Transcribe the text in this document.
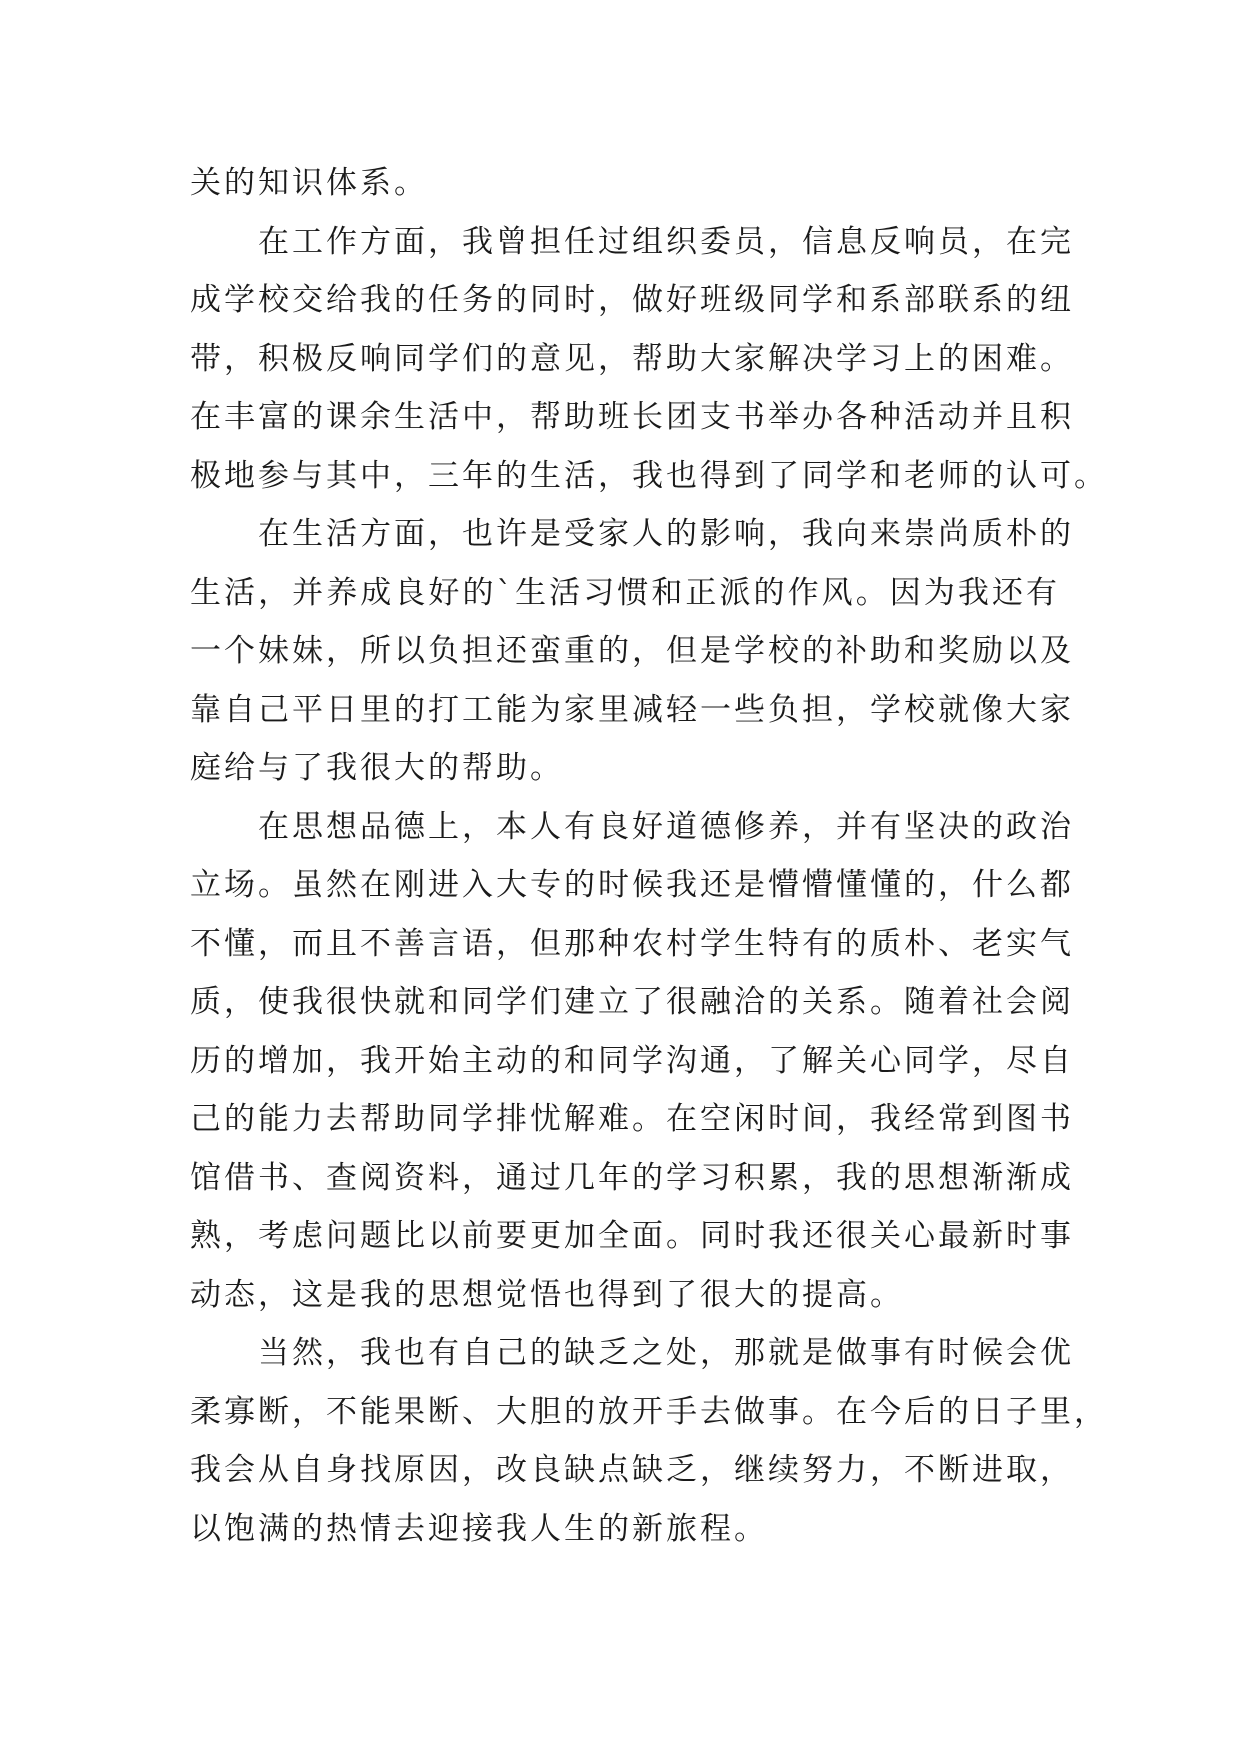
关的知识体系。
在工作方面，我曾担任过组织委员，信息反响员，在完
成学校交给我的任务的同时，做好班级同学和系部联系的纽
带，积极反响同学们的意见，帮助大家解决学习上的困难。
在丰富的课余生活中，帮助班长团支书举办各种活动并且积
极地参与其中，三年的生活，我也得到了同学和老师的认可。
在生活方面，也许是受家人的影响，我向来崇尚质朴的
生活，并养成良好的`生活习惯和正派的作风。因为我还有
一个妹妹，所以负担还蛮重的，但是学校的补助和奖励以及
靠自己平日里的打工能为家里减轻一些负担，学校就像大家
庭给与了我很大的帮助。
在思想品德上，本人有良好道德修养，并有坚决的政治
立场。虽然在刚进入大专的时候我还是懵懵懂懂的，什么都
不懂，而且不善言语，但那种农村学生特有的质朴、老实气
质，使我很快就和同学们建立了很融洽的关系。随着社会阅
历的增加，我开始主动的和同学沟通，了解关心同学，尽自
己的能力去帮助同学排忧解难。在空闲时间，我经常到图书
馆借书、查阅资料，通过几年的学习积累，我的思想渐渐成
熟，考虑问题比以前要更加全面。同时我还很关心最新时事
动态，这是我的思想觉悟也得到了很大的提高。
当然，我也有自己的缺乏之处，那就是做事有时候会优
柔寡断，不能果断、大胆的放开手去做事。在今后的日子里，
我会从自身找原因，改良缺点缺乏，继续努力，不断进取，
以饱满的热情去迎接我人生的新旅程。
